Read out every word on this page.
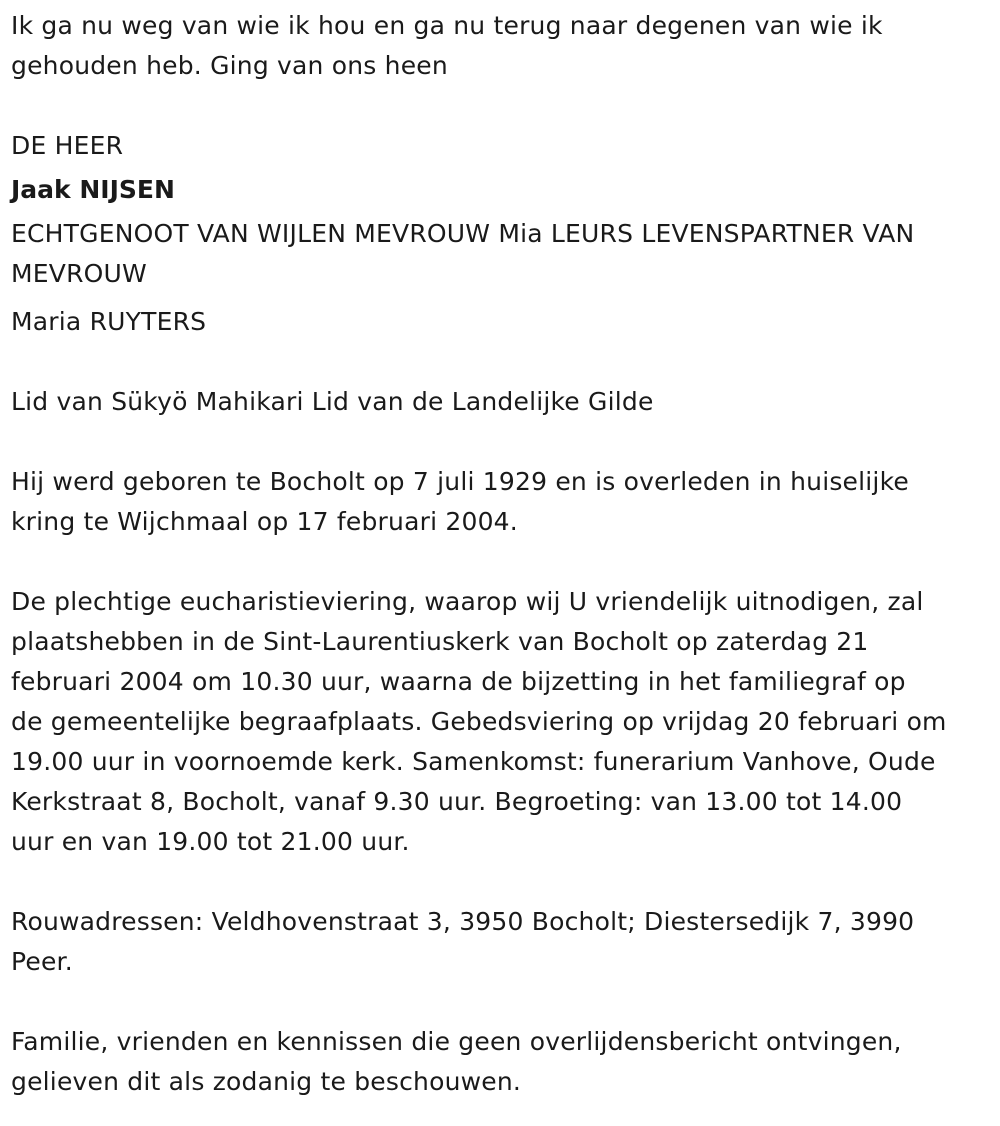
Ik ga nu weg van wie ik hou en ga nu terug naar degenen van wie ik

gehouden heb. Ging van ons heen

DE HEER

Jaak NIJSEN

ECHTGENOOT VAN WIJLEN MEVROUW Mia LEURS LEVENSPARTNER VAN

MEVROUW

Maria RUYTERS

Lid van Sükyö Mahikari Lid van de Landelijke Gilde

Hij werd geboren te Bocholt op 7 juli 1929 en is overleden in huiselijke

kring te Wijchmaal op 17 februari 2004.

De plechtige eucharistieviering, waarop wij U vriendelijk uitnodigen, zal

plaatshebben in de Sint-Laurentiuskerk van Bocholt op zaterdag 21

februari 2004 om 10.30 uur, waarna de bijzetting in het familiegraf op

de gemeentelijke begraafplaats. Gebedsviering op vrijdag 20 februari om

19.00 uur in voornoemde kerk. Samenkomst: funerarium Vanhove, Oude

Kerkstraat 8, Bocholt, vanaf 9.30 uur. Begroeting: van 13.00 tot 14.00

uur en van 19.00 tot 21.00 uur.

Rouwadressen: Veldhovenstraat 3, 3950 Bocholt; Diestersedijk 7, 3990

Peer.

Familie, vrienden en kennissen die geen overlijdensbericht ontvingen,

gelieven dit als zodanig te beschouwen.
